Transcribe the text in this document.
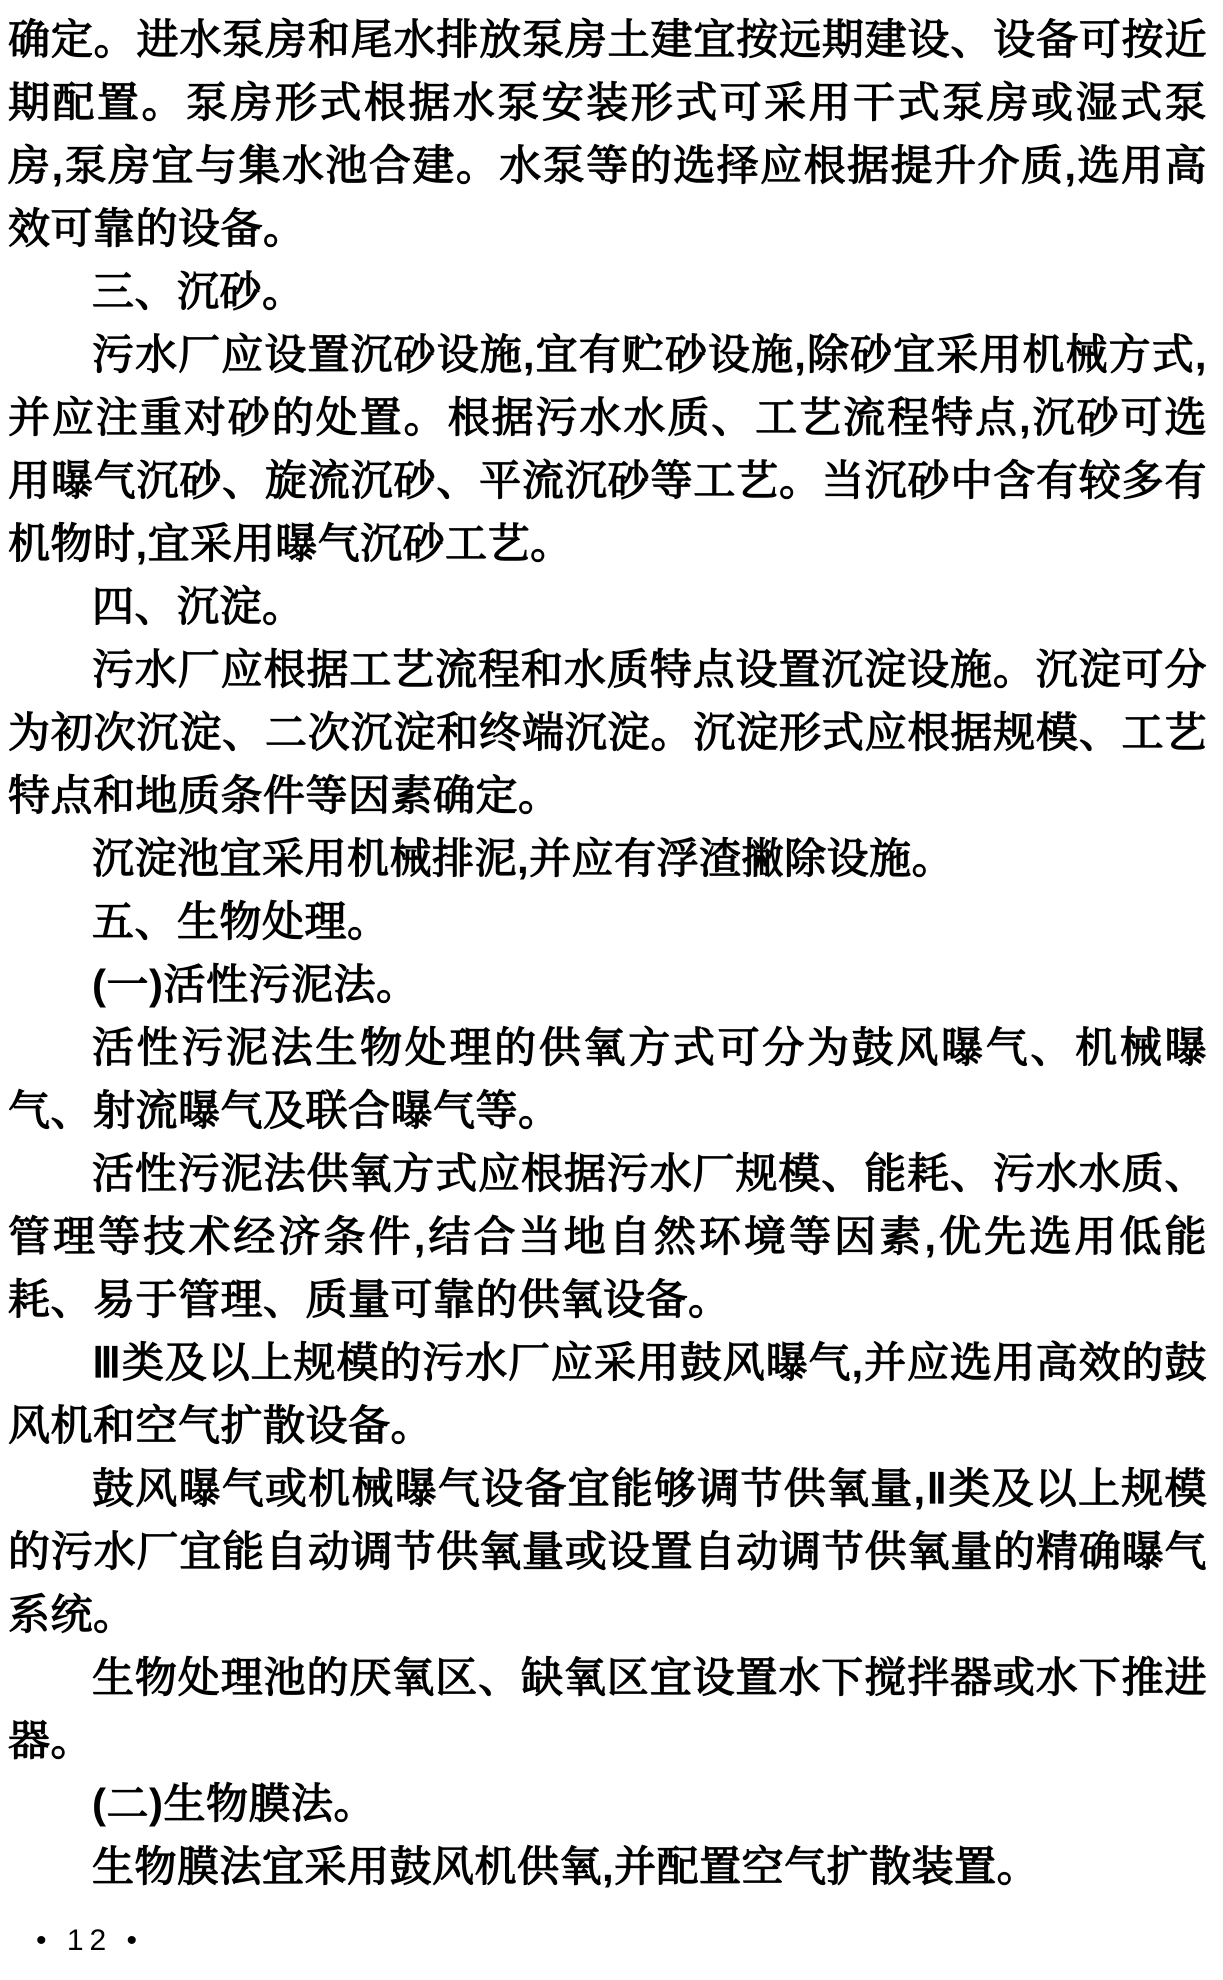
确定。进水泵房和尾水排放泵房土建宜按远期建设、设备可按近期配置。泵房形式根据水泵安装形式可采用干式泵房或湿式泵房,泵房宜与集水池合建。水泵等的选择应根据提升介质,选用高效可靠的设备。

三、沉砂。

污水厂应设置沉砂设施,宜有贮砂设施,除砂宜采用机械方式,并应注重对砂的处置。根据污水水质、工艺流程特点,沉砂可选用曝气沉砂、旋流沉砂、平流沉砂等工艺。当沉砂中含有较多有机物时,宜采用曝气沉砂工艺。

四、沉淀。

污水厂应根据工艺流程和水质特点设置沉淀设施。沉淀可分为初次沉淀、二次沉淀和终端沉淀。沉淀形式应根据规模、工艺特点和地质条件等因素确定。

沉淀池宜采用机械排泥,并应有浮渣撇除设施。

五、生物处理。

(一)活性污泥法。

活性污泥法生物处理的供氧方式可分为鼓风曝气、机械曝气、射流曝气及联合曝气等。

活性污泥法供氧方式应根据污水厂规模、能耗、污水水质、管理等技术经济条件,结合当地自然环境等因素,优先选用低能耗、易于管理、质量可靠的供氧设备。

Ⅲ类及以上规模的污水厂应采用鼓风曝气,并应选用高效的鼓风机和空气扩散设备。

鼓风曝气或机械曝气设备宜能够调节供氧量,Ⅱ类及以上规模的污水厂宜能自动调节供氧量或设置自动调节供氧量的精确曝气系统。

生物处理池的厌氧区、缺氧区宜设置水下搅拌器或水下推进器。

(二)生物膜法。

生物膜法宜采用鼓风机供氧,并配置空气扩散装置。

• 12 •
